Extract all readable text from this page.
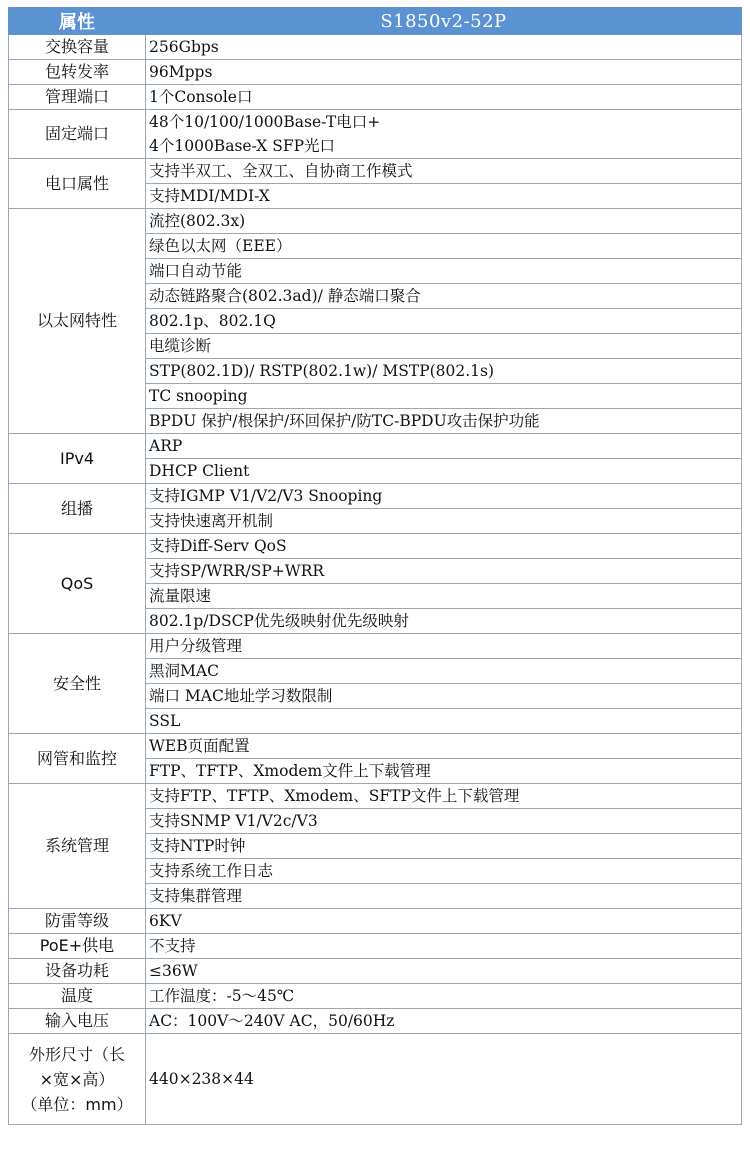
属性	S1850v2-52P
交换容量	256Gbps
包转发率	96Mpps
管理端口	1个Console口
固定端口	48个10/100/1000Base-T电口+
4个1000Base-X SFP光口

电口属性	支持半双工、全双工、自协商工作模式
	支持MDI/MDI-X
以太网特性	流控(802.3x)
	绿色以太网（EEE）
	端口自动节能
	动态链路聚合(802.3ad)/ 静态端口聚合
	802.1p、802.1Q
	电缆诊断
	STP(802.1D)/ RSTP(802.1w)/ MSTP(802.1s)
	TC snooping
	BPDU 保护/根保护/环回保护/防TC-BPDU攻击保护功能
IPv4	ARP
	DHCP Client
组播	支持IGMP V1/V2/V3 Snooping
	支持快速离开机制
QoS	支持Diff-Serv QoS
	支持SP/WRR/SP+WRR
	流量限速
	802.1p/DSCP优先级映射优先级映射
安全性	用户分级管理
	黑洞MAC
	端口 MAC地址学习数限制
	SSL
网管和监控	WEB页面配置
	FTP、TFTP、Xmodem文件上下载管理
系统管理	支持FTP、TFTP、Xmodem、SFTP文件上下载管理
	支持SNMP V1/V2c/V3
	支持NTP时钟
	支持系统工作日志
	支持集群管理
防雷等级	6KV
PoE+供电	不支持
设备功耗	≤36W
温度	工作温度：-5～45℃
输入电压	AC：100V～240V AC，50/60Hz

外形尺寸（长
×宽×高）
（单位：mm）	440×238×44
